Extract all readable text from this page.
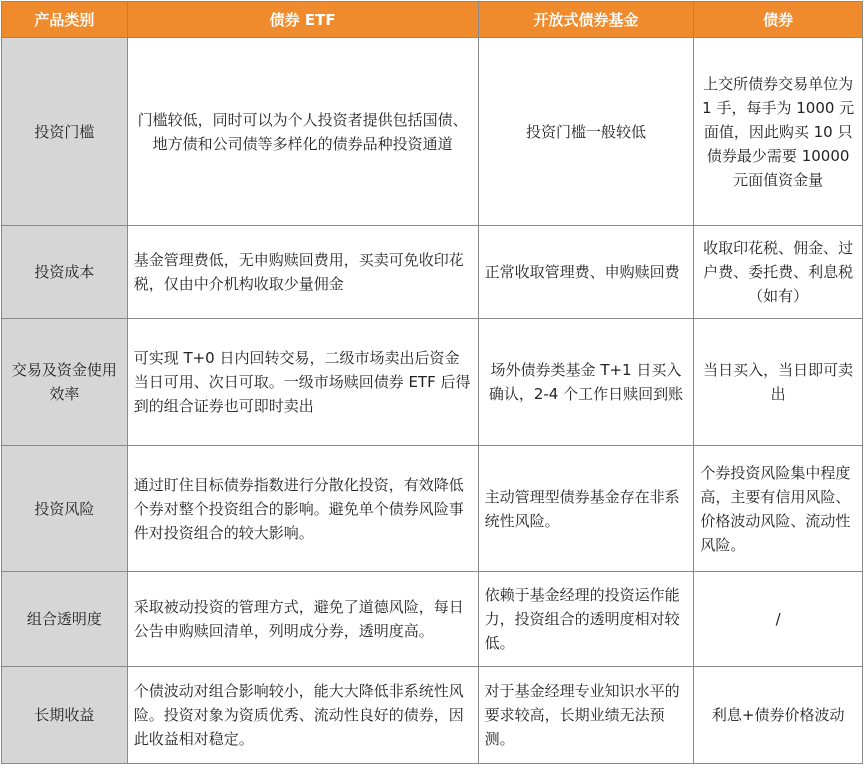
产品类别	债券 ETF	开放式债券基金	债券
投资门槛	门槛较低，同时可以为个人投资者提供包括国债、地方债和公司债等多样化的债券品种投资通道	投资门槛一般较低	上交所债券交易单位为 1 手，每手为 1000 元面值，因此购买 10 只债券最少需要 10000 元面值资金量
投资成本	基金管理费低，无申购赎回费用，买卖可免收印花税，仅由中介机构收取少量佣金	正常收取管理费、申购赎回费	收取印花税、佣金、过户费、委托费、利息税（如有）
交易及资金使用效率	可实现 T+0 日内回转交易，二级市场卖出后资金当日可用、次日可取。一级市场赎回债券 ETF 后得到的组合证券也可即时卖出	场外债券类基金 T+1 日买入确认，2-4 个工作日赎回到账	当日买入，当日即可卖出
投资风险	通过盯住目标债券指数进行分散化投资，有效降低个券对整个投资组合的影响。避免单个债券风险事件对投资组合的较大影响。	主动管理型债券基金存在非系统性风险。	个券投资风险集中程度高，主要有信用风险、价格波动风险、流动性风险。
组合透明度	采取被动投资的管理方式，避免了道德风险，每日公告申购赎回清单，列明成分券，透明度高。	依赖于基金经理的投资运作能力，投资组合的透明度相对较低。	/
长期收益	个债波动对组合影响较小，能大大降低非系统性风险。投资对象为资质优秀、流动性良好的债券，因此收益相对稳定。	对于基金经理专业知识水平的要求较高，长期业绩无法预测。	利息+债券价格波动
